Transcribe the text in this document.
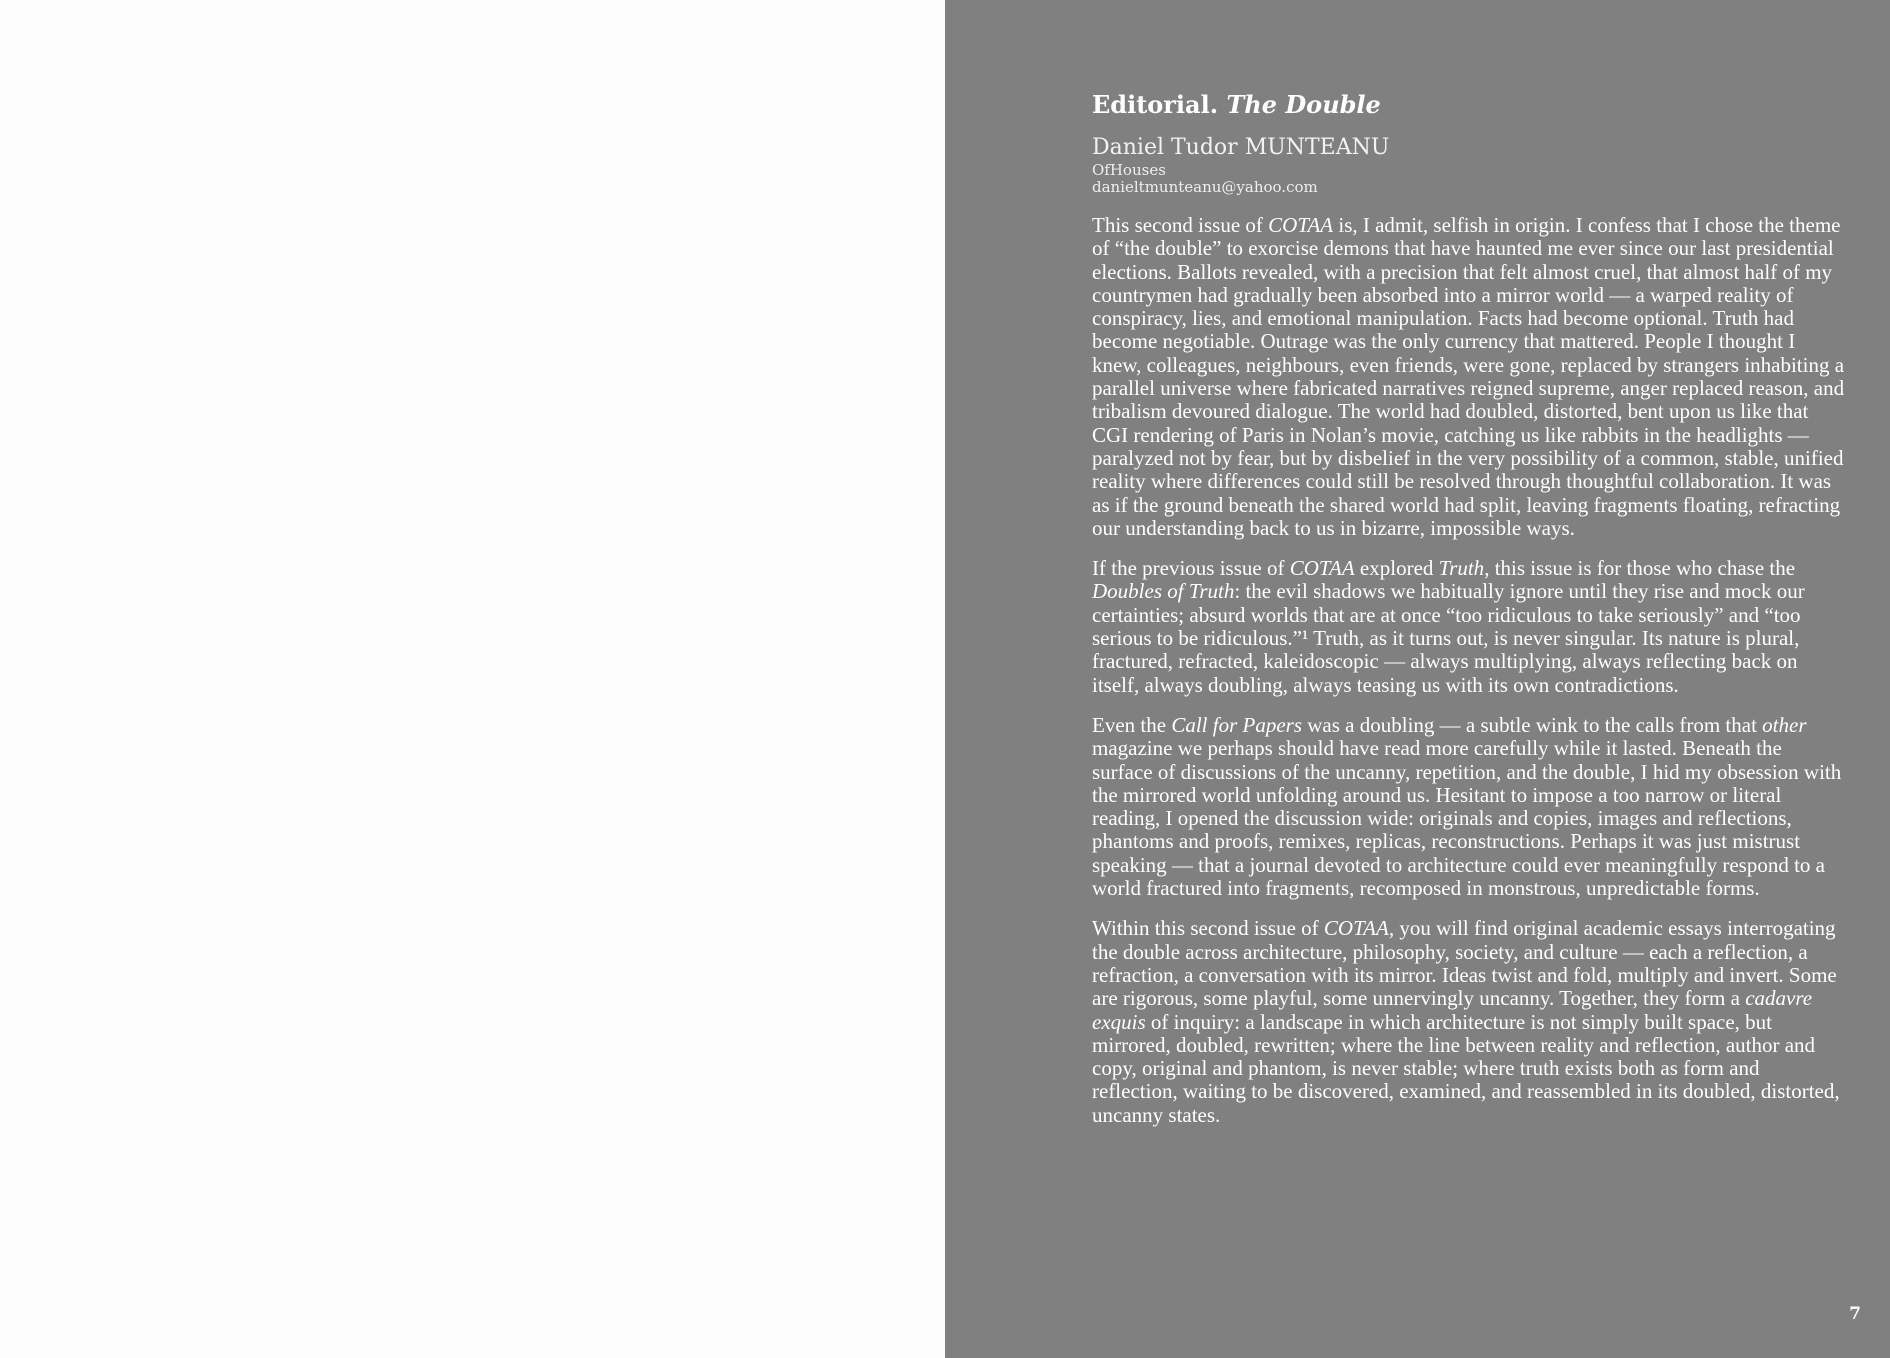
Editorial. The Double
Daniel Tudor MUNTEANU
OfHouses
danieltmunteanu@yahoo.com

This second issue of COTAA is, I admit, selfish in origin. I confess that I chose the theme of “the double” to exorcise demons that have haunted me ever since our last presidential elections. Ballots revealed, with a precision that felt almost cruel, that almost half of my countrymen had gradually been absorbed into a mirror world — a warped reality of conspiracy, lies, and emotional manipulation. Facts had become optional. Truth had become negotiable. Outrage was the only currency that mattered. People I thought I knew, colleagues, neighbours, even friends, were gone, replaced by strangers inhabiting a parallel universe where fabricated narratives reigned supreme, anger replaced reason, and tribalism devoured dialogue. The world had doubled, distorted, bent upon us like that CGI rendering of Paris in Nolan’s movie, catching us like rabbits in the headlights — paralyzed not by fear, but by disbelief in the very possibility of a common, stable, unified reality where differences could still be resolved through thoughtful collaboration. It was as if the ground beneath the shared world had split, leaving fragments floating, refracting our understanding back to us in bizarre, impossible ways.

If the previous issue of COTAA explored Truth, this issue is for those who chase the Doubles of Truth: the evil shadows we habitually ignore until they rise and mock our certainties; absurd worlds that are at once “too ridiculous to take seriously” and “too serious to be ridiculous.”¹ Truth, as it turns out, is never singular. Its nature is plural, fractured, refracted, kaleidoscopic — always multiplying, always reflecting back on itself, always doubling, always teasing us with its own contradictions.

Even the Call for Papers was a doubling — a subtle wink to the calls from that other magazine we perhaps should have read more carefully while it lasted. Beneath the surface of discussions of the uncanny, repetition, and the double, I hid my obsession with the mirrored world unfolding around us. Hesitant to impose a too narrow or literal reading, I opened the discussion wide: originals and copies, images and reflections, phantoms and proofs, remixes, replicas, reconstructions. Perhaps it was just mistrust speaking — that a journal devoted to architecture could ever meaningfully respond to a world fractured into fragments, recomposed in monstrous, unpredictable forms.

Within this second issue of COTAA, you will find original academic essays interrogating the double across architecture, philosophy, society, and culture — each a reflection, a refraction, a conversation with its mirror. Ideas twist and fold, multiply and invert. Some are rigorous, some playful, some unnervingly uncanny. Together, they form a cadavre exquis of inquiry: a landscape in which architecture is not simply built space, but mirrored, doubled, rewritten; where the line between reality and reflection, author and copy, original and phantom, is never stable; where truth exists both as form and reflection, waiting to be discovered, examined, and reassembled in its doubled, distorted, uncanny states.

7
